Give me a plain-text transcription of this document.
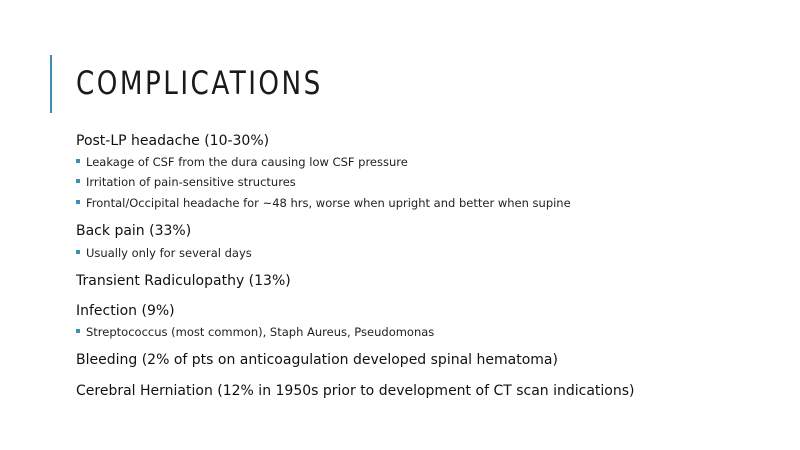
COMPLICATIONS
Post-LP headache (10-30%)
Leakage of CSF from the dura causing low CSF pressure
Irritation of pain-sensitive structures
Frontal/Occipital headache for ~48 hrs, worse when upright and better when supine
Back pain (33%)
Usually only for several days
Transient Radiculopathy (13%)
Infection (9%)
Streptococcus (most common), Staph Aureus, Pseudomonas
Bleeding (2% of pts on anticoagulation developed spinal hematoma)
Cerebral Herniation (12% in 1950s prior to development of CT scan indications)
